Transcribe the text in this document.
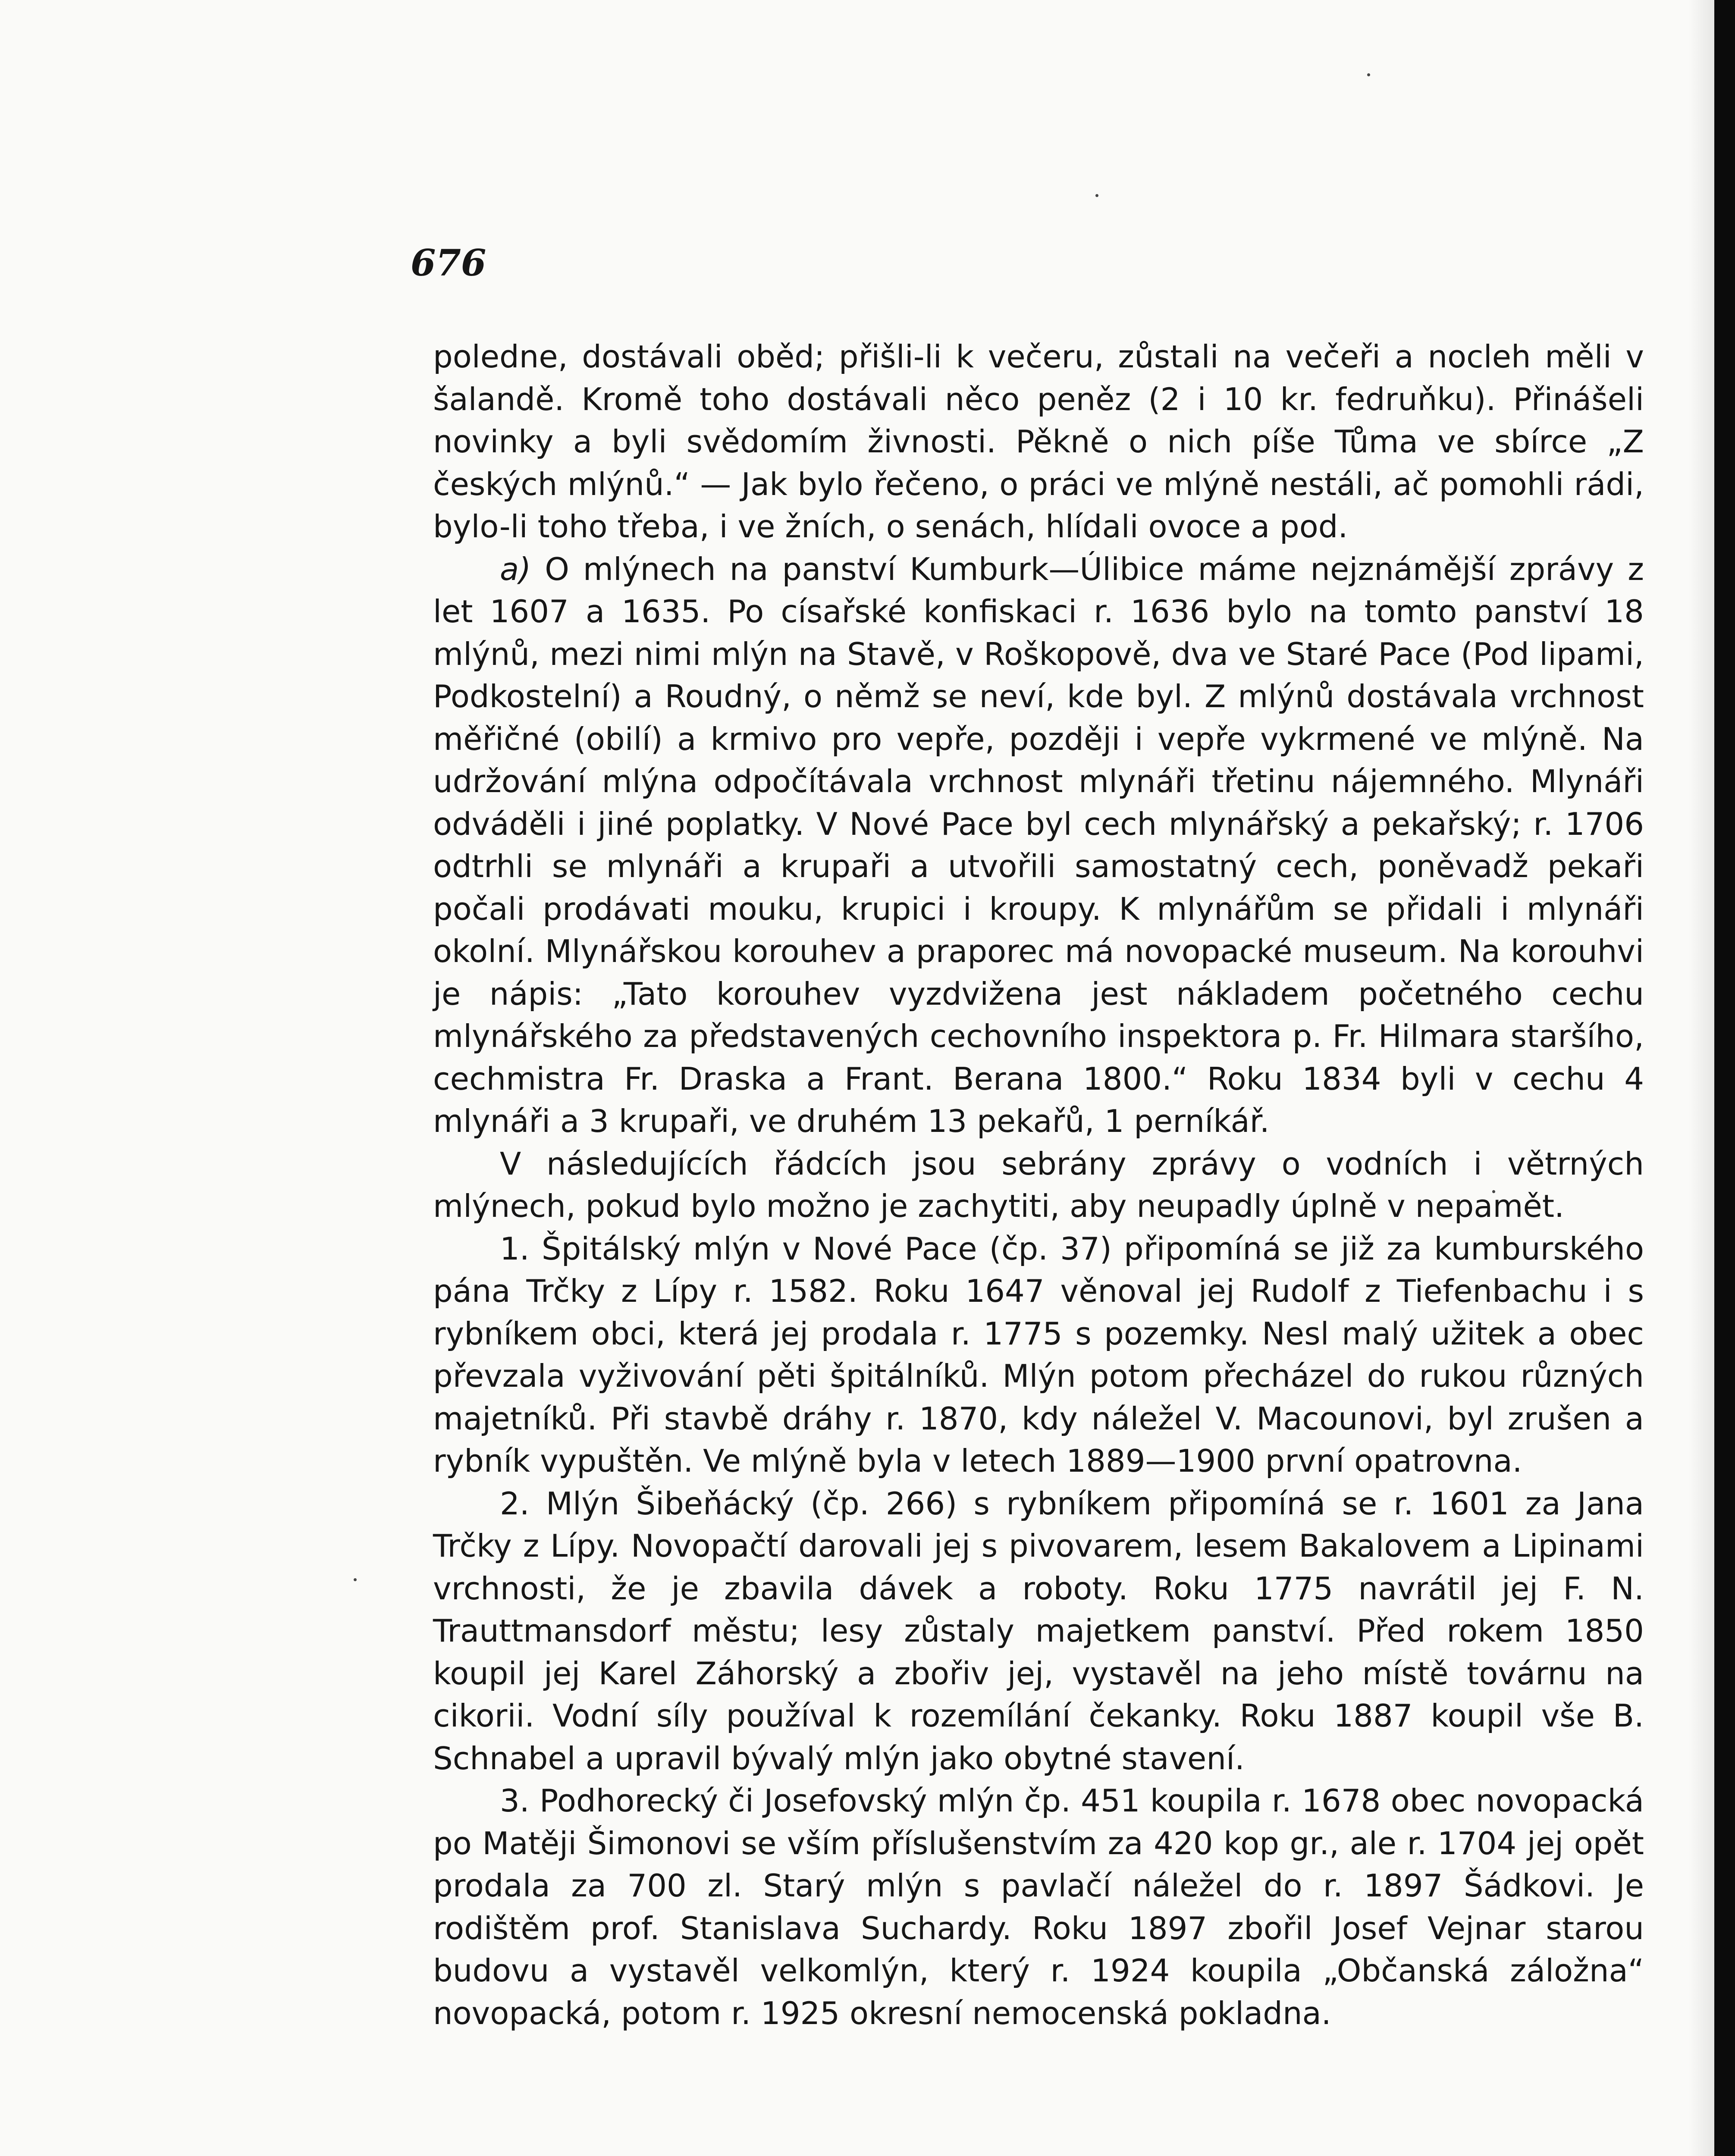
676

poledne, dostávali oběd; přišli-li k večeru, zůstali na večeři a nocleh měli v šalandě. Kromě toho dostávali něco peněz (2 i 10 kr. fedruňku). Přinášeli novinky a byli svědomím živnosti. Pěkně o nich píše Tůma ve sbírce „Z českých mlýnů.“ — Jak bylo řečeno, o práci ve mlýně nestáli, ač pomohli rádi, bylo-li toho třeba, i ve žních, o senách, hlídali ovoce a pod.

a) O mlýnech na panství Kumburk—Úlibice máme nejznámější zprávy z let 1607 a 1635. Po císařské konfiskaci r. 1636 bylo na tomto panství 18 mlýnů, mezi nimi mlýn na Stavě, v Roškopově, dva ve Staré Pace (Pod lipami, Podkostelní) a Roudný, o němž se neví, kde byl. Z mlýnů dostávala vrchnost měřičné (obilí) a krmivo pro vepře, později i vepře vykrmené ve mlýně. Na udržování mlýna odpočítávala vrchnost mlynáři třetinu nájemného. Mlynáři odváděli i jiné poplatky. V Nové Pace byl cech mlynářský a pekařský; r. 1706 odtrhli se mlynáři a krupaři a utvořili samostatný cech, poněvadž pekaři počali prodávati mouku, krupici i kroupy. K mlynářům se přidali i mlynáři okolní. Mlynářskou korouhev a praporec má novopacké museum. Na korouhvi je nápis: „Tato korouhev vyzdvižena jest nákladem početného cechu mlynářského za představených cechovního inspektora p. Fr. Hilmara staršího, cechmistra Fr. Draska a Frant. Berana 1800.“ Roku 1834 byli v cechu 4 mlynáři a 3 krupaři, ve druhém 13 pekařů, 1 perníkář.

V následujících řádcích jsou sebrány zprávy o vodních i větrných mlýnech, pokud bylo možno je zachytiti, aby neupadly úplně v nepamět.

1. Špitálský mlýn v Nové Pace (čp. 37) připomíná se již za kumburského pána Trčky z Lípy r. 1582. Roku 1647 věnoval jej Rudolf z Tiefenbachu i s rybníkem obci, která jej prodala r. 1775 s pozemky. Nesl malý užitek a obec převzala vyživování pěti špitálníků. Mlýn potom přecházel do rukou různých majetníků. Při stavbě dráhy r. 1870, kdy náležel V. Macounovi, byl zrušen a rybník vypuštěn. Ve mlýně byla v letech 1889—1900 první opatrovna.

2. Mlýn Šibeňácký (čp. 266) s rybníkem připomíná se r. 1601 za Jana Trčky z Lípy. Novopačtí darovali jej s pivovarem, lesem Bakalovem a Lipinami vrchnosti, že je zbavila dávek a roboty. Roku 1775 navrátil jej F. N. Trauttmansdorf městu; lesy zůstaly majetkem panství. Před rokem 1850 koupil jej Karel Záhorský a zbořiv jej, vystavěl na jeho místě továrnu na cikorii. Vodní síly používal k rozemílání čekanky. Roku 1887 koupil vše B. Schnabel a upravil bývalý mlýn jako obytné stavení.

3. Podhorecký či Josefovský mlýn čp. 451 koupila r. 1678 obec novopacká po Matěji Šimonovi se vším příslušenstvím za 420 kop gr., ale r. 1704 jej opět prodala za 700 zl. Starý mlýn s pavlačí náležel do r. 1897 Šádkovi. Je rodištěm prof. Stanislava Suchardy. Roku 1897 zbořil Josef Vejnar starou budovu a vystavěl velkomlýn, který r. 1924 koupila „Občanská záložna“ novopacká, potom r. 1925 okresní nemocenská pokladna.
